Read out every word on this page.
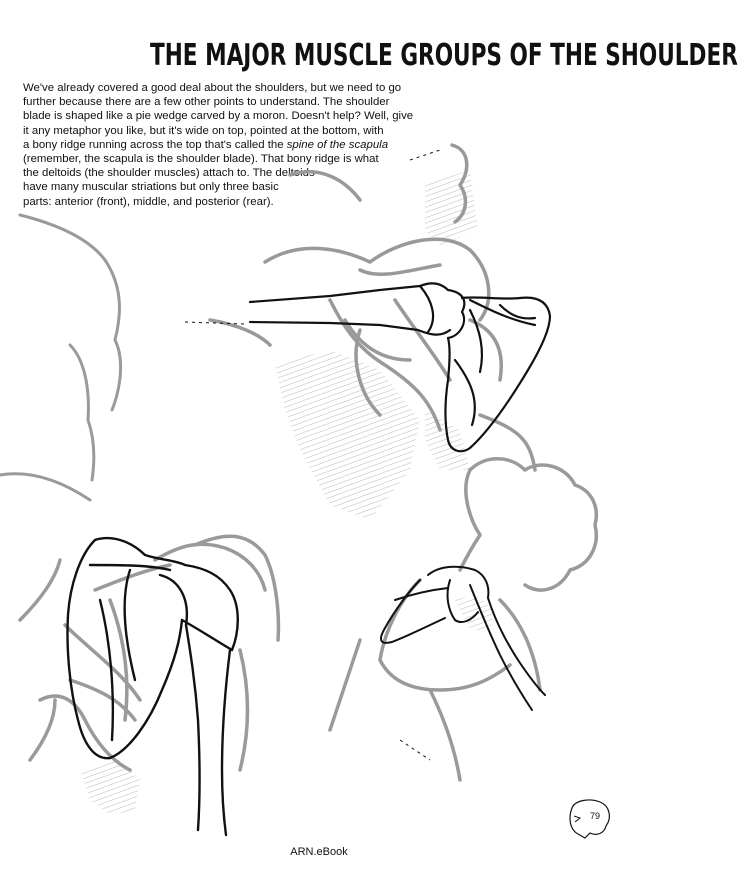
THE MAJOR MUSCLE GROUPS OF THE SHOULDER

We've already covered a good deal about the shoulders, but we need to go

further because there are a few other points to understand. The shoulder

blade is shaped like a pie wedge carved by a moron. Doesn't help? Well, give

it any metaphor you like, but it's wide on top, pointed at the bottom, with

a bony ridge running across the top that's called the spine of the scapula

(remember, the scapula is the shoulder blade). That bony ridge is what

the deltoids (the shoulder muscles) attach to. The deltoids

have many muscular striations but only three basic

parts: anterior (front), middle, and posterior (rear).

79
ARN.eBook
